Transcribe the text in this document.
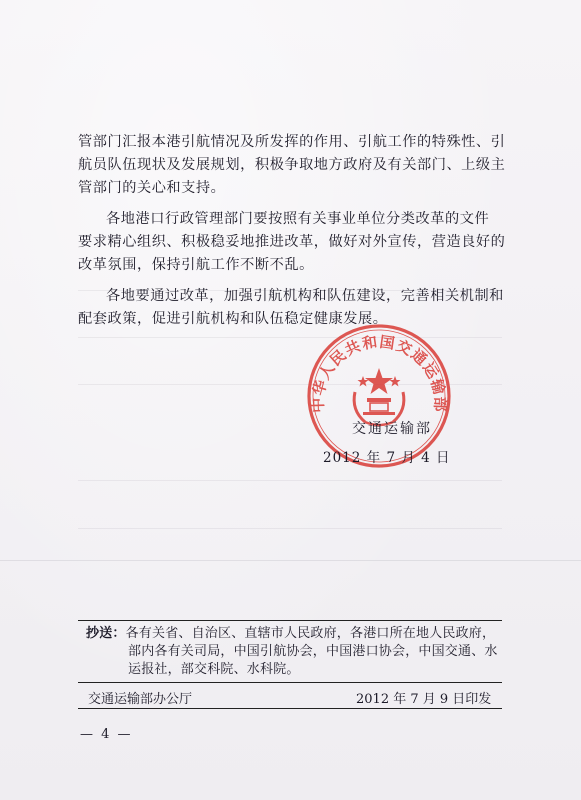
管部门汇报本港引航情况及所发挥的作用、引航工作的特殊性、引
航员队伍现状及发展规划，积极争取地方政府及有关部门、上级主
管部门的关心和支持。
各地港口行政管理部门要按照有关事业单位分类改革的文件
要求精心组织、积极稳妥地推进改革，做好对外宣传，营造良好的
改革氛围，保持引航工作不断不乱。
各地要通过改革，加强引航机构和队伍建设，完善相关机制和
配套政策，促进引航机构和队伍稳定健康发展。
中华人民共和国交通运输部
交通运输部
2012 年 7 月 4 日
抄送：各有关省、自治区、直辖市人民政府，各港口所在地人民政府，
部内各有关司局，中国引航协会，中国港口协会，中国交通、水
运报社，部交科院、水科院。
交通运输部办公厅	2012 年 7 月 9 日印发
— 4 —
